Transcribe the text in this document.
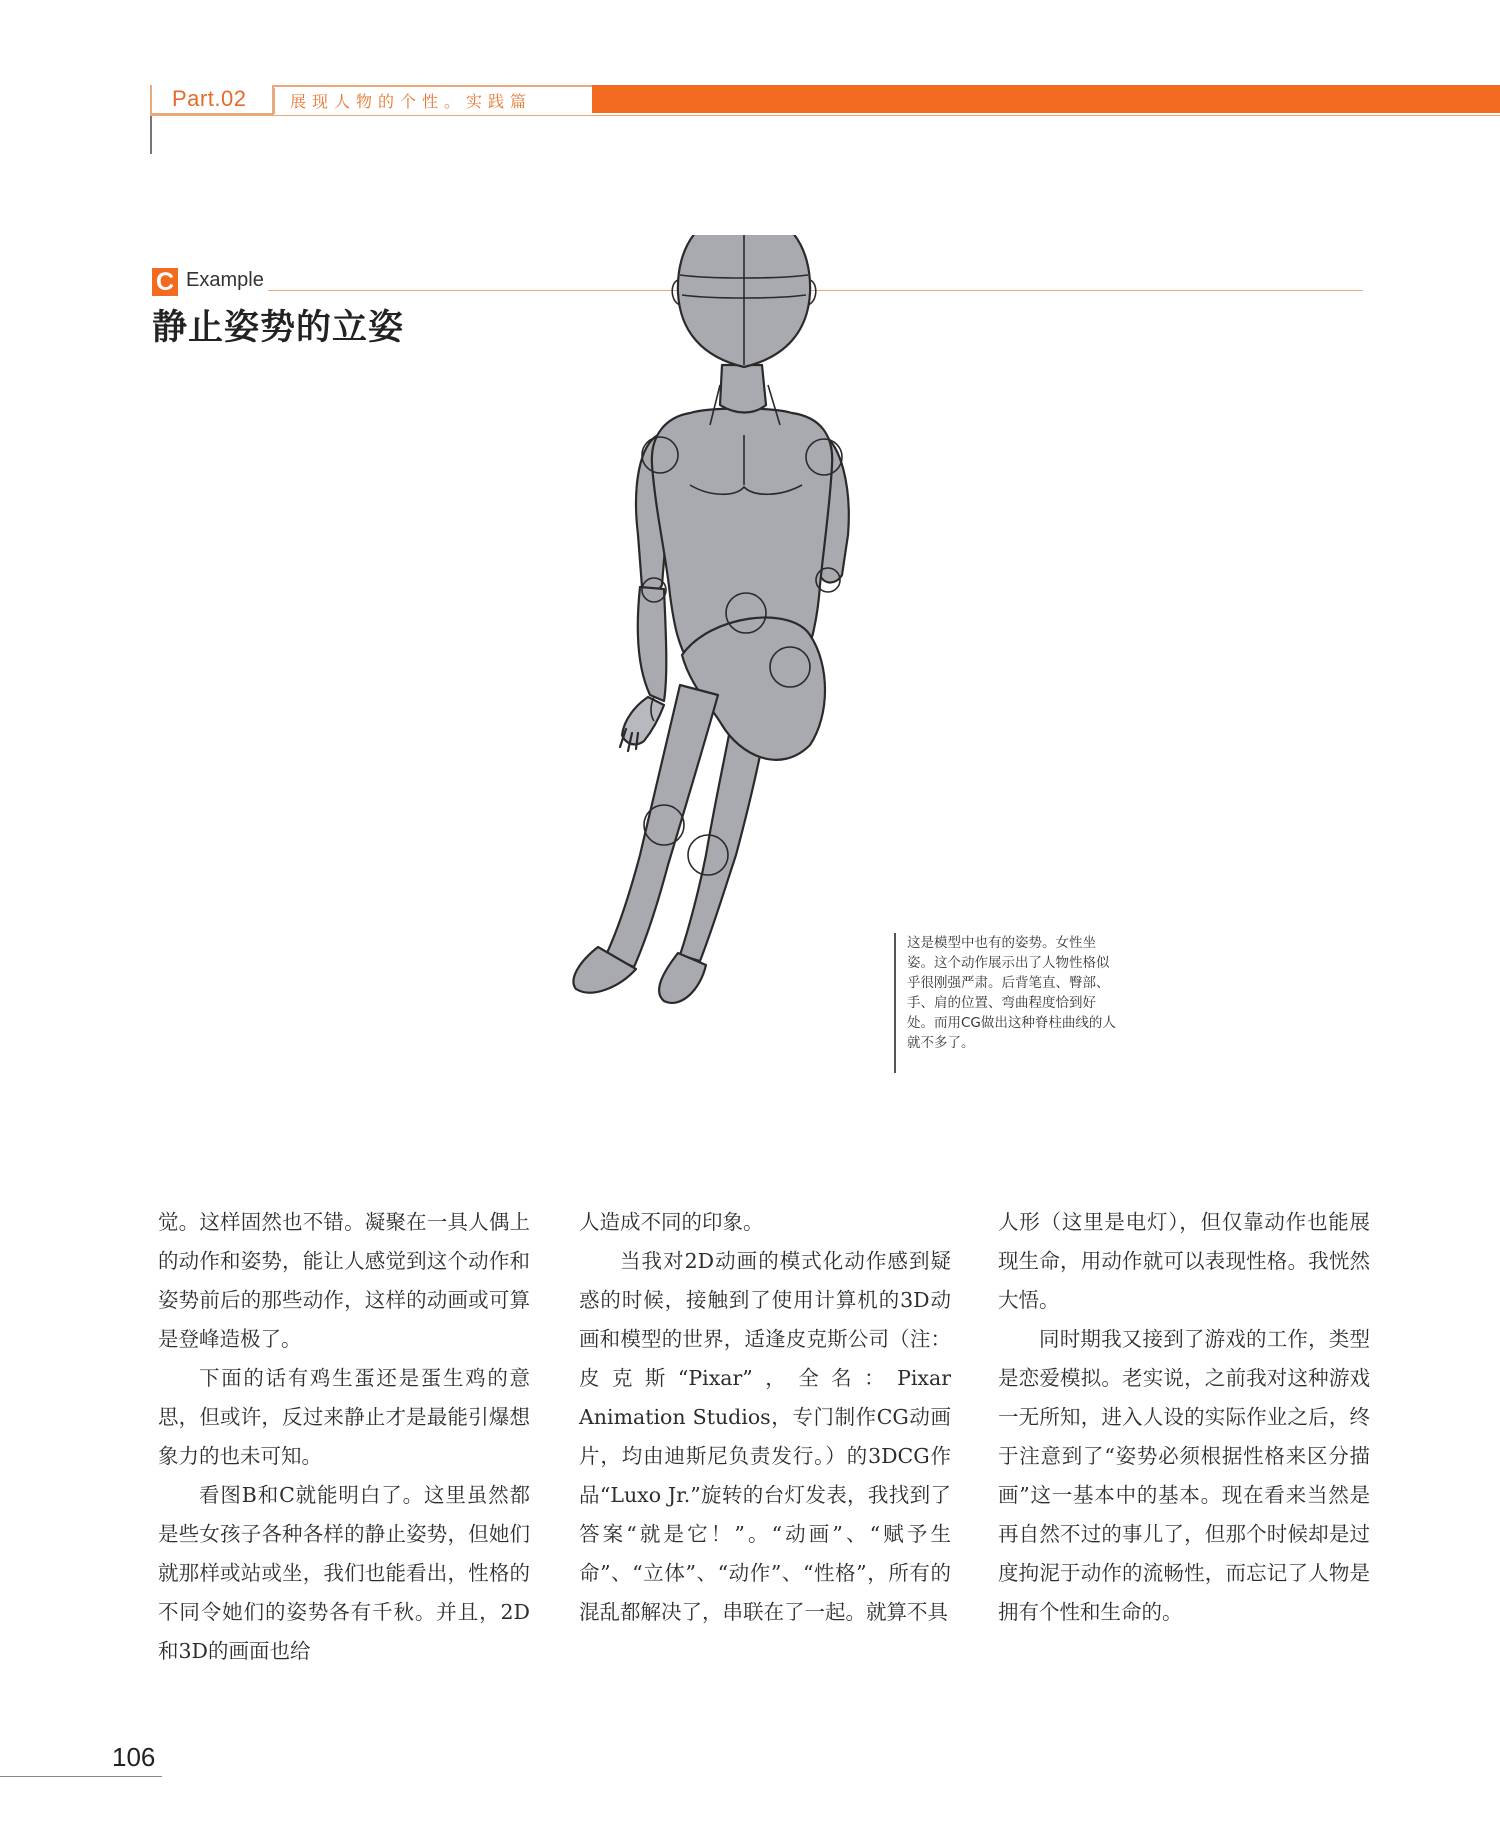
Part.02	展现人物的个性。实践篇
C Example
静止姿势的立姿
这是模型中也有的姿势。女性坐姿。这个动作展示出了人物性格似乎很刚强严肃。后背笔直、臀部、手、肩的位置、弯曲程度恰到好处。而用CG做出这种脊柱曲线的人就不多了。

觉。这样固然也不错。凝聚在一具人偶上的动作和姿势，能让人感觉到这个动作和姿势前后的那些动作，这样的动画或可算是登峰造极了。

下面的话有鸡生蛋还是蛋生鸡的意思，但或许，反过来静止才是最能引爆想象力的也未可知。

看图B和C就能明白了。这里虽然都是些女孩子各种各样的静止姿势，但她们就那样或站或坐，我们也能看出，性格的不同令她们的姿势各有千秋。并且，2D和3D的画面也给

人造成不同的印象。

当我对2D动画的模式化动作感到疑惑的时候，接触到了使用计算机的3D动画和模型的世界，适逢皮克斯公司（注：皮克斯“Pixar”，全名：Pixar Animation Studios，专门制作CG动画片，均由迪斯尼负责发行。）的3DCG作品“Luxo Jr.”旋转的台灯发表，我找到了答案“就是它！”。“动画”、“赋予生命”、“立体”、“动作”、“性格”，所有的混乱都解决了，串联在了一起。就算不具

人形（这里是电灯），但仅靠动作也能展现生命，用动作就可以表现性格。我恍然大悟。

同时期我又接到了游戏的工作，类型是恋爱模拟。老实说，之前我对这种游戏一无所知，进入人设的实际作业之后，终于注意到了“姿势必须根据性格来区分描画”这一基本中的基本。现在看来当然是再自然不过的事儿了，但那个时候却是过度拘泥于动作的流畅性，而忘记了人物是拥有个性和生命的。

106
